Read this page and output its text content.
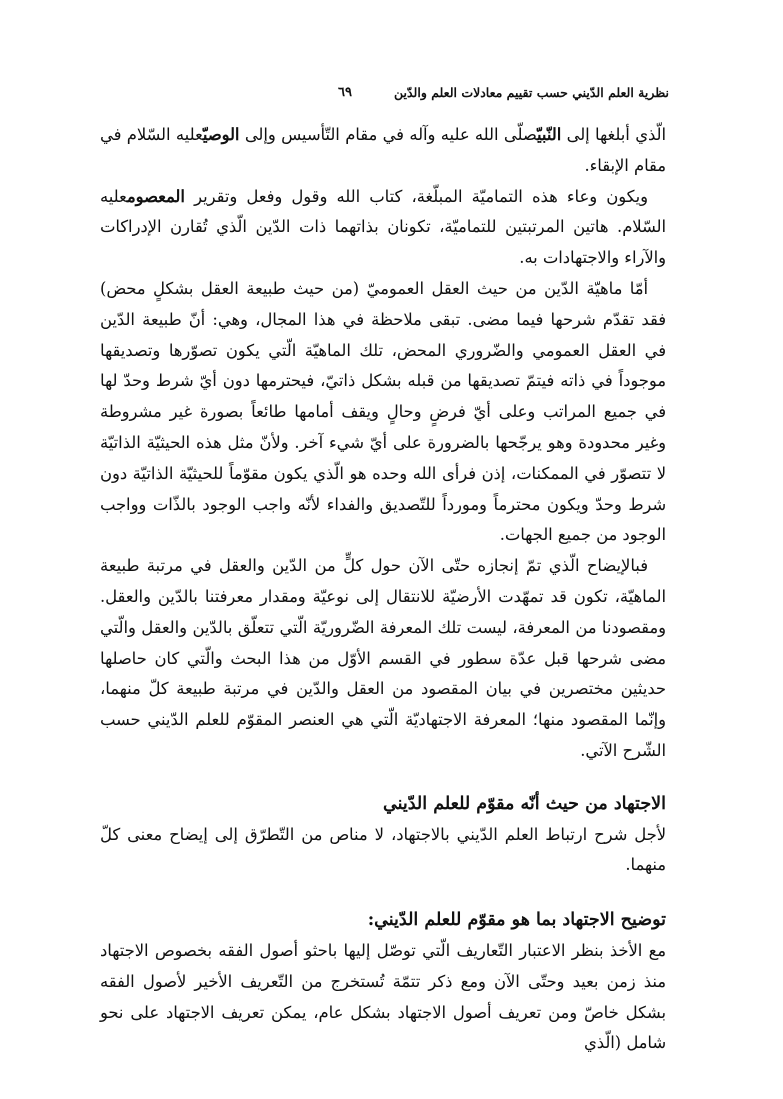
نظرية العلم الدّيني حسب تقييم معادلات العلم والدّين
٦٩

الّذي أبلغها إلى النّبيّصلّى الله عليه وآله في مقام التّأسيس وإلى الوصيّعليه السّلام في مقام الإبقاء.

ويكون وعاء هذه التماميّة المبلّغة، كتاب الله وقول وفعل وتقرير المعصومعليه السّلام. هاتين المرتبتين للتماميّة، تكونان بذاتهما ذات الدّين الّذي تُقارن الإدراكات والآراء والاجتهادات به.

أمّا ماهيّة الدّين من حيث العقل العموميّ (من حيث طبيعة العقل بشكلٍ محض) فقد تقدّم شرحها فيما مضى. تبقى ملاحظة في هذا المجال، وهي: أنّ طبيعة الدّين في العقل العمومي والضّروري المحض، تلك الماهيّة الّتي يكون تصوّرها وتصديقها موجوداً في ذاته فيتمّ تصديقها من قبله بشكل ذاتيّ، فيحترمها دون أيّ شرط وحدّ لها في جميع المراتب وعلى أيّ فرضٍ وحالٍ ويقف أمامها طائعاً بصورة غير مشروطة وغير محدودة وهو يرجّحها بالضرورة على أيّ شيء آخر. ولأنّ مثل هذه الحيثيّة الذاتيّة لا تتصوّر في الممكنات، إذن فرأى الله وحده هو الّذي يكون مقوّماً للحيثيّة الذاتيّة دون شرط وحدّ ويكون محترماً ومورداً للتّصديق والفداء لأنّه واجب الوجود بالذّات وواجب الوجود من جميع الجهات.

فبالإيضاح الّذي تمّ إنجازه حتّى الآن حول كلٍّ من الدّين والعقل في مرتبة طبيعة الماهيّة، تكون قد تمهّدت الأرضيّة للانتقال إلى نوعيّة ومقدار معرفتنا بالدّين والعقل. ومقصودنا من المعرفة، ليست تلك المعرفة الضّروريّة الّتي تتعلّق بالدّين والعقل والّتي مضى شرحها قبل عدّة سطور في القسم الأوّل من هذا البحث والّتي كان حاصلها حديثين مختصرين في بيان المقصود من العقل والدّين في مرتبة طبيعة كلّ منهما، وإنّما المقصود منها؛ المعرفة الاجتهاديّة الّتي هي العنصر المقوّم للعلم الدّيني حسب الشّرح الآتي.

الاجتهاد من حيث أنّه مقوّم للعلم الدّيني

لأجل شرح ارتباط العلم الدّيني بالاجتهاد، لا مناص من التّطرّق إلى إيضاح معنى كلّ منهما.

توضيح الاجتهاد بما هو مقوّم للعلم الدّيني:

مع الأخذ بنظر الاعتبار التّعاريف الّتي توصّل إليها باحثو أصول الفقه بخصوص الاجتهاد منذ زمن بعيد وحتّى الآن ومع ذكر تتمّة تُستخرج من التّعريف الأخير لأصول الفقه بشكل خاصّ ومن تعريف أصول الاجتهاد بشكل عام، يمكن تعريف الاجتهاد على نحو شامل (الّذي
